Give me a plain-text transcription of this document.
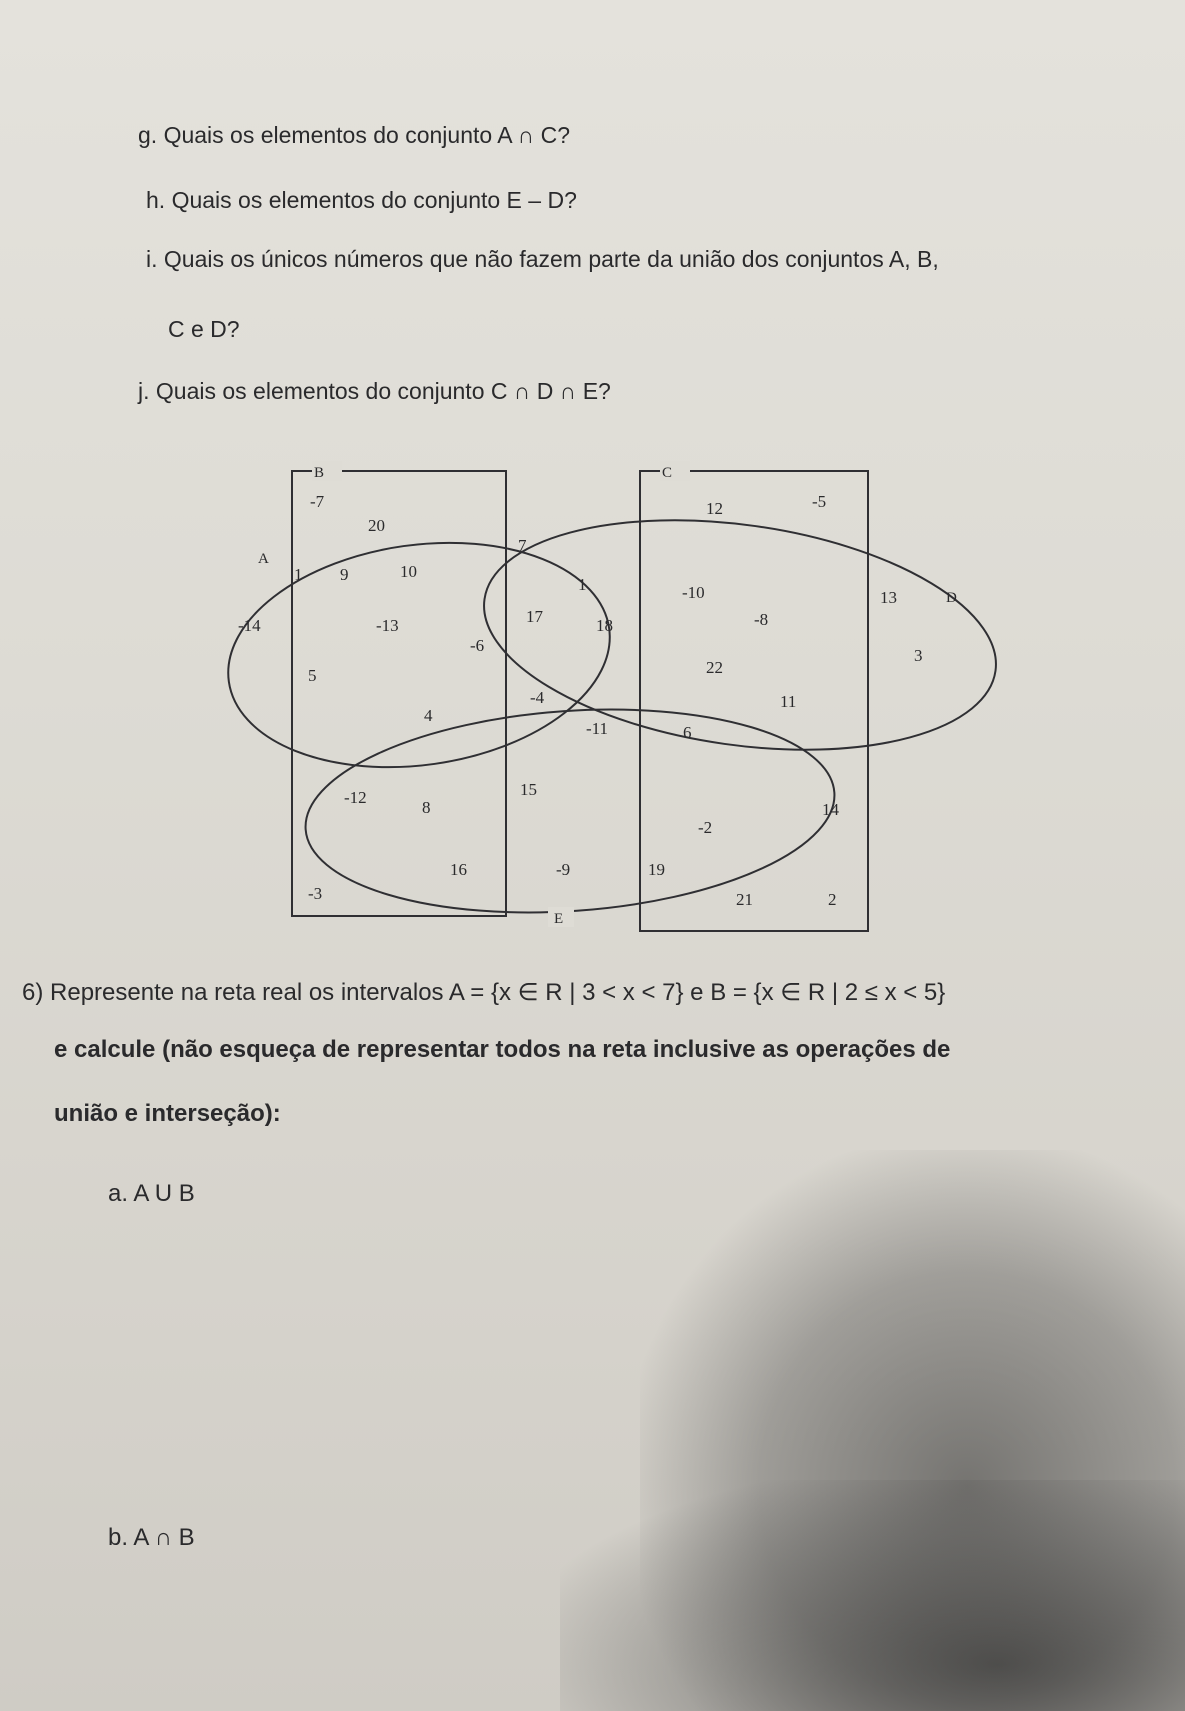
g. Quais os elementos do conjunto A ∩ C?
h. Quais os elementos do conjunto E – D?
i. Quais os únicos números que não fazem parte da união dos conjuntos A, B,
C e D?
j. Quais os elementos do conjunto C ∩ D ∩ E?
B	C
A
D
E
-7
20
7
1 9	10
1
-14	-13	17	18
-6
5
-4
4
-11	6
12	-5
-10	13
-8
3
22
11
-12
8
15
14
-2
16	-9	19
-3	21	2
6) Represente na reta real os intervalos A = {x ∈ R | 3 < x < 7} e B = {x ∈ R | 2 ≤ x < 5}
e calcule (não esqueça de representar todos na reta inclusive as operações de
união e interseção):
a. A U B
b. A ∩ B
